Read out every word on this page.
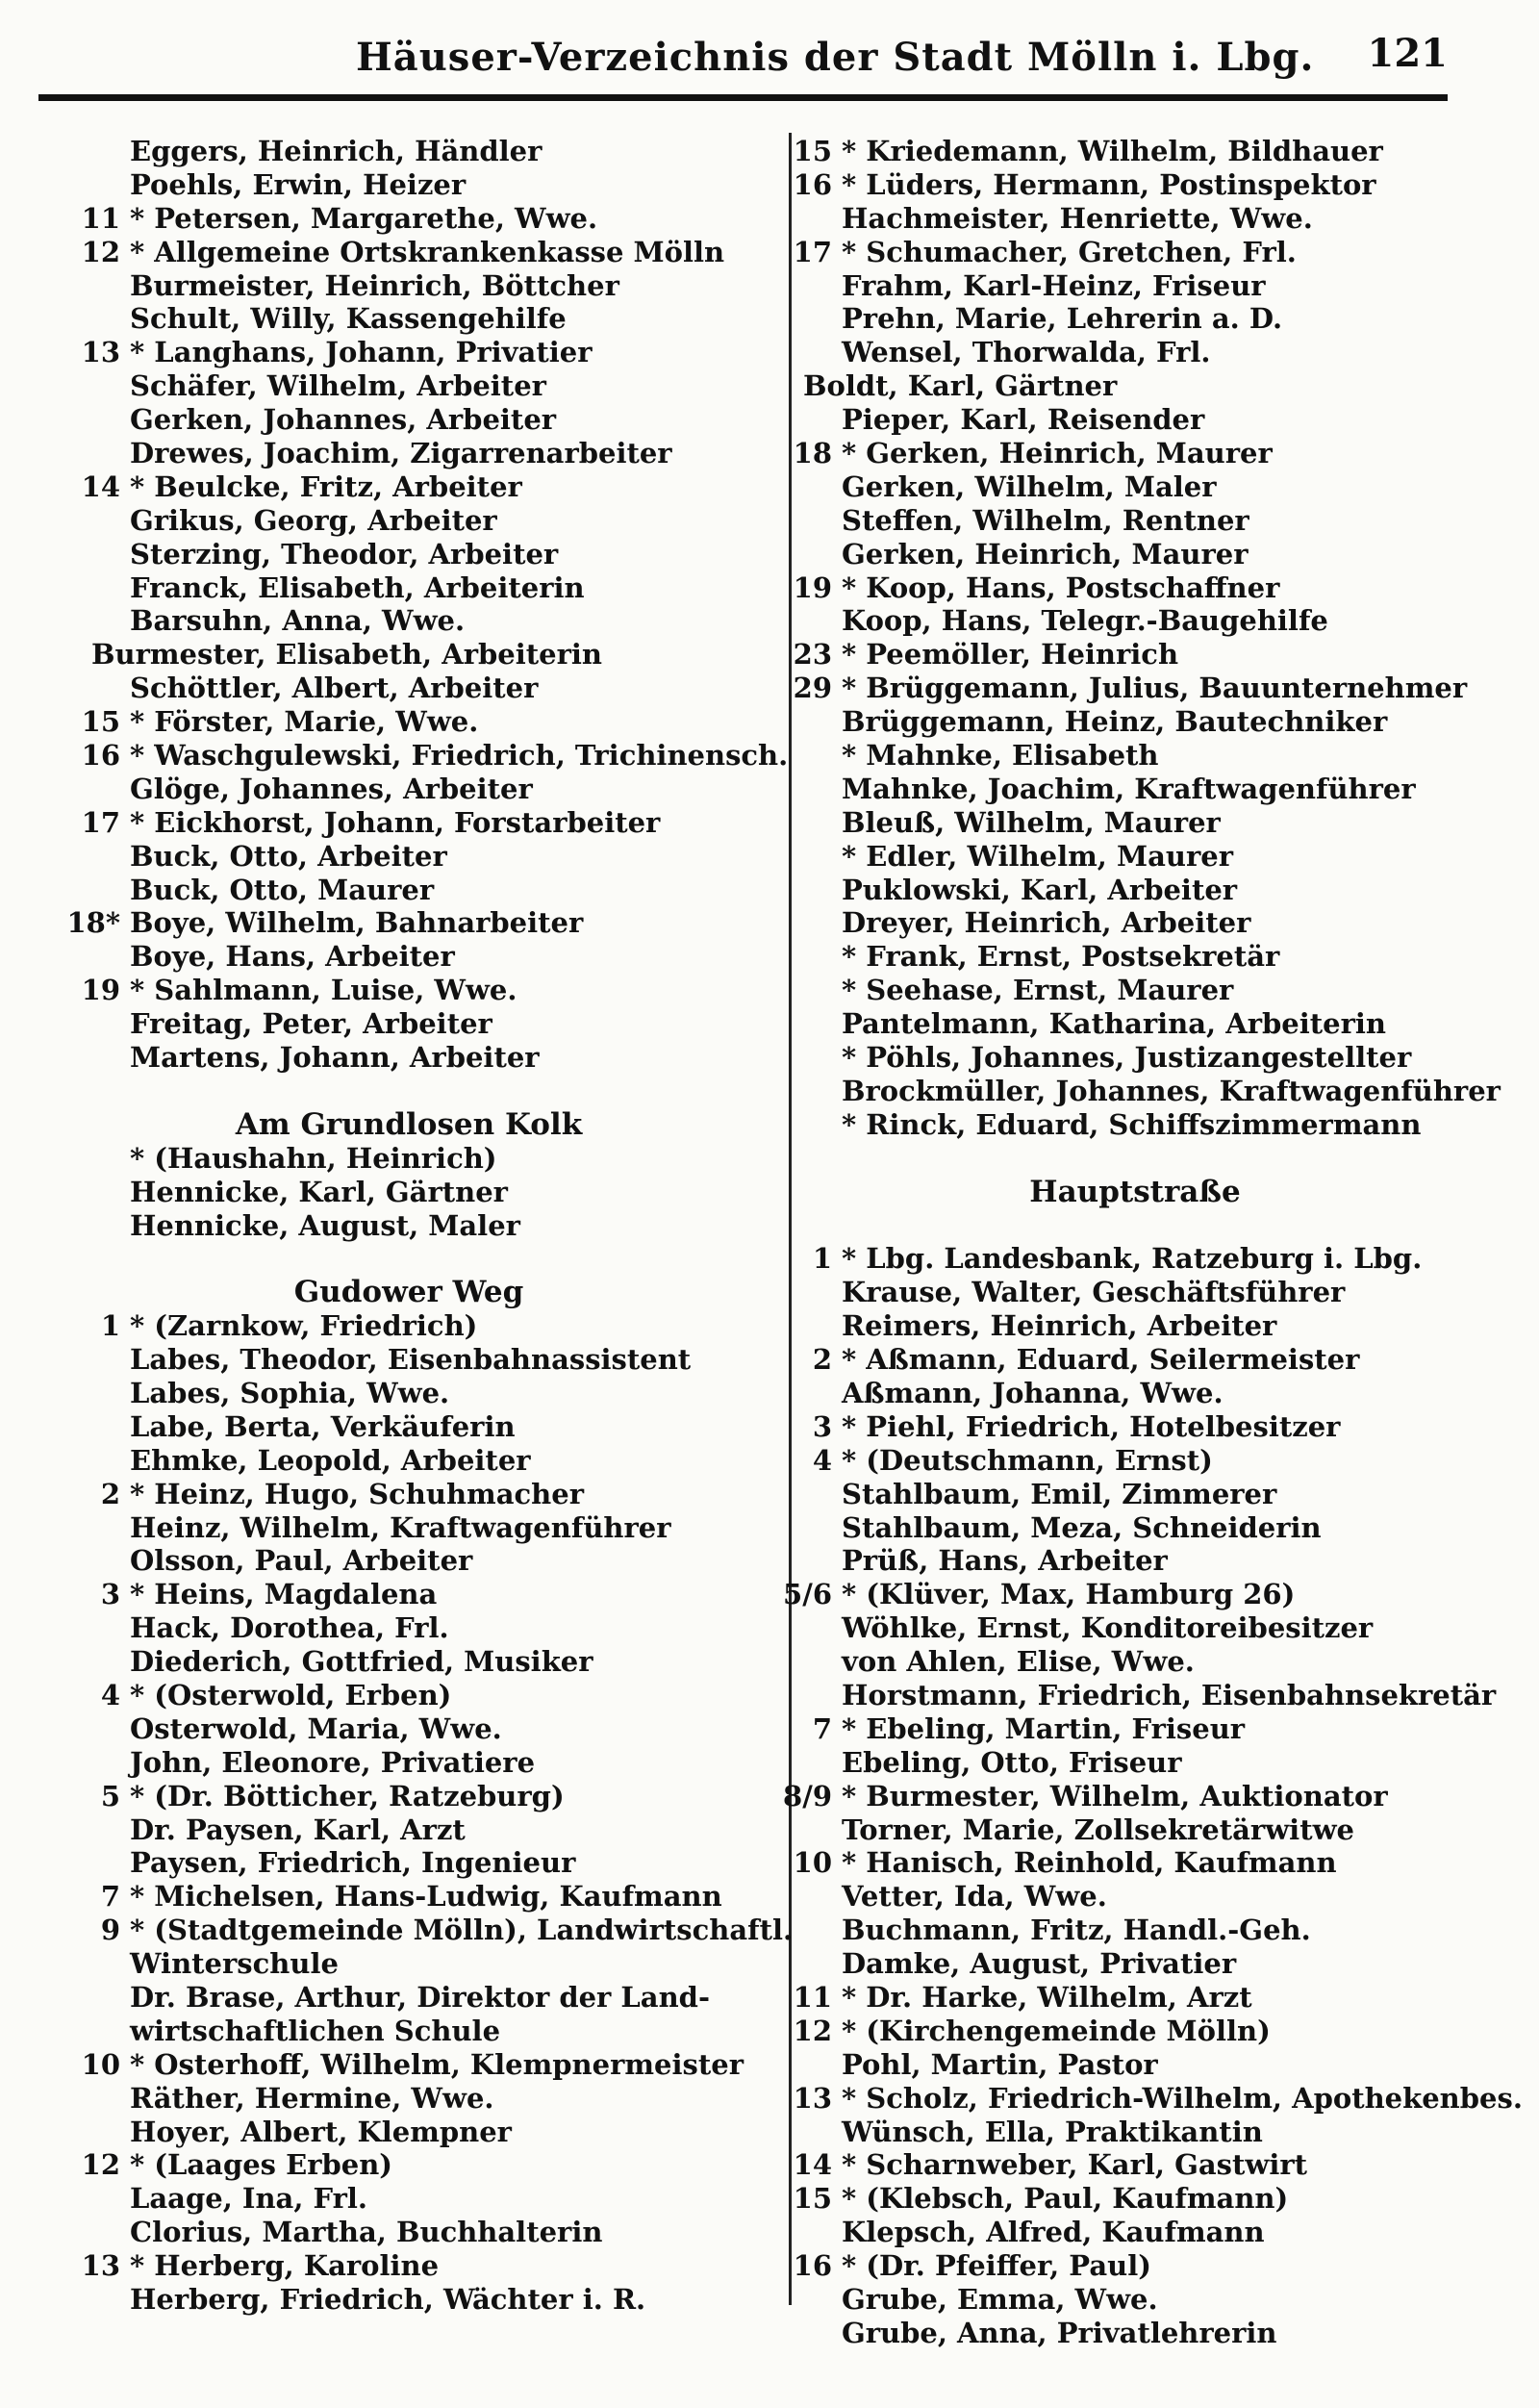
Häuser-Verzeichnis der Stadt Mölln i. Lbg. 121
Eggers, Heinrich, Händler
Poehls, Erwin, Heizer
11 * Petersen, Margarethe, Wwe.
12 * Allgemeine Ortskrankenkasse Mölln
Burmeister, Heinrich, Böttcher
Schult, Willy, Kassengehilfe
13 * Langhans, Johann, Privatier
Schäfer, Wilhelm, Arbeiter
Gerken, Johannes, Arbeiter
Drewes, Joachim, Zigarrenarbeiter
14 * Beulcke, Fritz, Arbeiter
Grikus, Georg, Arbeiter
Sterzing, Theodor, Arbeiter
Franck, Elisabeth, Arbeiterin
Barsuhn, Anna, Wwe.
Burmester, Elisabeth, Arbeiterin
Schöttler, Albert, Arbeiter
15 * Förster, Marie, Wwe.
16 * Waschgulewski, Friedrich, Trichinensch.
Glöge, Johannes, Arbeiter
17 * Eickhorst, Johann, Forstarbeiter
Buck, Otto, Arbeiter
Buck, Otto, Maurer
18* Boye, Wilhelm, Bahnarbeiter
Boye, Hans, Arbeiter
19 * Sahlmann, Luise, Wwe.
Freitag, Peter, Arbeiter
Martens, Johann, Arbeiter
Am Grundlosen Kolk
* (Haushahn, Heinrich)
Hennicke, Karl, Gärtner
Hennicke, August, Maler
Gudower Weg
1 * (Zarnkow, Friedrich)
Labes, Theodor, Eisenbahnassistent
Labes, Sophia, Wwe.
Labe, Berta, Verkäuferin
Ehmke, Leopold, Arbeiter
2 * Heinz, Hugo, Schuhmacher
Heinz, Wilhelm, Kraftwagenführer
Olsson, Paul, Arbeiter
3 * Heins, Magdalena
Hack, Dorothea, Frl.
Diederich, Gottfried, Musiker
4 * (Osterwold, Erben)
Osterwold, Maria, Wwe.
John, Eleonore, Privatiere
5 * (Dr. Bötticher, Ratzeburg)
Dr. Paysen, Karl, Arzt
Paysen, Friedrich, Ingenieur
7 * Michelsen, Hans-Ludwig, Kaufmann
9 * (Stadtgemeinde Mölln), Landwirtschaftl.
Winterschule
Dr. Brase, Arthur, Direktor der Land-
wirtschaftlichen Schule
10 * Osterhoff, Wilhelm, Klempnermeister
Räther, Hermine, Wwe.
Hoyer, Albert, Klempner
12 * (Laages Erben)
Laage, Ina, Frl.
Clorius, Martha, Buchhalterin
13 * Herberg, Karoline
Herberg, Friedrich, Wächter i. R.
15 * Kriedemann, Wilhelm, Bildhauer
16 * Lüders, Hermann, Postinspektor
Hachmeister, Henriette, Wwe.
17 * Schumacher, Gretchen, Frl.
Frahm, Karl-Heinz, Friseur
Prehn, Marie, Lehrerin a. D.
Wensel, Thorwalda, Frl.
Boldt, Karl, Gärtner
Pieper, Karl, Reisender
18 * Gerken, Heinrich, Maurer
Gerken, Wilhelm, Maler
Steffen, Wilhelm, Rentner
Gerken, Heinrich, Maurer
19 * Koop, Hans, Postschaffner
Koop, Hans, Telegr.-Baugehilfe
23 * Peemöller, Heinrich
29 * Brüggemann, Julius, Bauunternehmer
Brüggemann, Heinz, Bautechniker
* Mahnke, Elisabeth
Mahnke, Joachim, Kraftwagenführer
Bleuß, Wilhelm, Maurer
* Edler, Wilhelm, Maurer
Puklowski, Karl, Arbeiter
Dreyer, Heinrich, Arbeiter
* Frank, Ernst, Postsekretär
* Seehase, Ernst, Maurer
Pantelmann, Katharina, Arbeiterin
* Pöhls, Johannes, Justizangestellter
Brockmüller, Johannes, Kraftwagenführer
* Rinck, Eduard, Schiffszimmermann
Hauptstraße
1 * Lbg. Landesbank, Ratzeburg i. Lbg.
Krause, Walter, Geschäftsführer
Reimers, Heinrich, Arbeiter
2 * Aßmann, Eduard, Seilermeister
Aßmann, Johanna, Wwe.
3 * Piehl, Friedrich, Hotelbesitzer
4 * (Deutschmann, Ernst)
Stahlbaum, Emil, Zimmerer
Stahlbaum, Meza, Schneiderin
Prüß, Hans, Arbeiter
5/6 * (Klüver, Max, Hamburg 26)
Wöhlke, Ernst, Konditoreibesitzer
von Ahlen, Elise, Wwe.
Horstmann, Friedrich, Eisenbahnsekretär
7 * Ebeling, Martin, Friseur
Ebeling, Otto, Friseur
8/9 * Burmester, Wilhelm, Auktionator
Torner, Marie, Zollsekretärwitwe
10 * Hanisch, Reinhold, Kaufmann
Vetter, Ida, Wwe.
Buchmann, Fritz, Handl.-Geh.
Damke, August, Privatier
11 * Dr. Harke, Wilhelm, Arzt
12 * (Kirchengemeinde Mölln)
Pohl, Martin, Pastor
13 * Scholz, Friedrich-Wilhelm, Apothekenbes.
Wünsch, Ella, Praktikantin
14 * Scharnweber, Karl, Gastwirt
15 * (Klebsch, Paul, Kaufmann)
Klepsch, Alfred, Kaufmann
16 * (Dr. Pfeiffer, Paul)
Grube, Emma, Wwe.
Grube, Anna, Privatlehrerin
